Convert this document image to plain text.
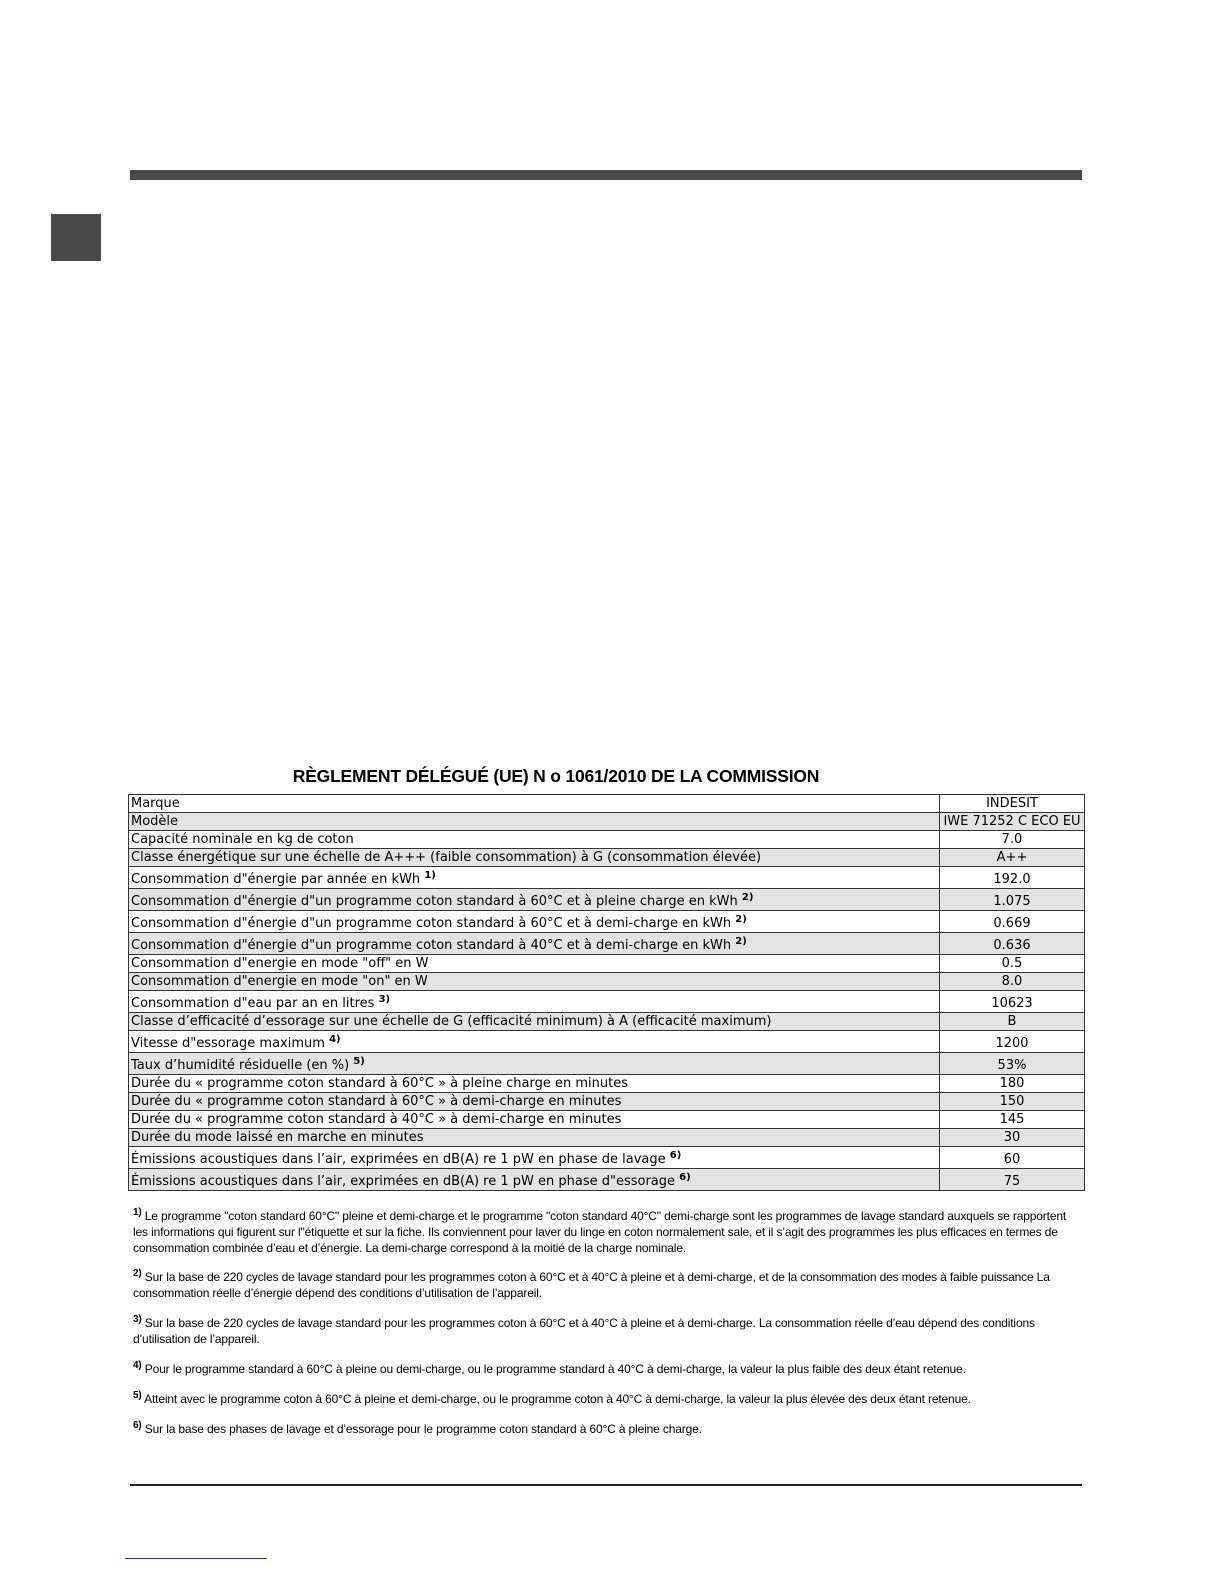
RÈGLEMENT DÉLÉGUÉ (UE) N o 1061/2010 DE LA COMMISSION
Marque	INDESIT
Modèle	IWE 71252 C ECO EU
Capacité nominale en kg de coton	7.0
Classe énergétique sur une échelle de A+++ (faible consommation) à G (consommation élevée)	A++
Consommation d"énergie par année en kWh $^{1)}$	192.0
Consommation d"énergie d"un programme coton standard à 60°C et à pleine charge en kWh $^{2)}$	1.075
Consommation d"énergie d"un programme coton standard à 60°C et à demi-charge en kWh $^{2)}$	0.669
Consommation d"énergie d"un programme coton standard à 40°C et à demi-charge en kWh $^{2)}$	0.636
Consommation d"energie en mode "off" en W	0.5
Consommation d"energie en mode "on" en W	8.0
Consommation d"eau par an en litres $^{3)}$	10623
Classe d’efficacité d’essorage sur une échelle de G (efficacité minimum) à A (efficacité maximum)	B
Vitesse d"essorage maximum $^{4)}$	1200
Taux d’humidité résiduelle (en %) $^{5)}$	53%
Durée du « programme coton standard à 60°C » à pleine charge en minutes	180
Durée du « programme coton standard à 60°C » à demi-charge en minutes	150
Durée du « programme coton standard à 40°C » à demi-charge en minutes	145
Durée du mode laissé en marche en minutes	30
Émissions acoustiques dans l’air, exprimées en dB(A) re 1 pW en phase de lavage $^{6)}$	60
Émissions acoustiques dans l’air, exprimées en dB(A) re 1 pW en phase d"essorage $^{6)}$	75

$^{1)}$ Le programme "coton standard 60°C" pleine et demi-charge et le programme "coton standard 40°C" demi-charge sont les programmes de lavage standard auxquels se rapportent les informations qui figurent sur l"étiquette et sur la fiche. Ils conviennent pour laver du linge en coton normalement sale, et il s’agit des programmes les plus efficaces en termes de consommation combinée d’eau et d’énergie. La demi-charge correspond à la moitié de la charge nominale.

$^{2)}$ Sur la base de 220 cycles de lavage standard pour les programmes coton à 60°C et à 40°C à pleine et à demi-charge, et de la consommation des modes à faible puissance La consommation réelle d’énergie dépend des conditions d’utilisation de l’appareil.

$^{3)}$ Sur la base de 220 cycles de lavage standard pour les programmes coton à 60°C et à 40°C à pleine et à demi-charge. La consommation réelle d’eau dépend des conditions d’utilisation de l’appareil.

$^{4)}$ Pour le programme standard à 60°C à pleine ou demi-charge, ou le programme standard à 40°C à demi-charge, la valeur la plus faible des deux étant retenue.

$^{5)}$ Atteint avec le programme coton à 60°C à pleine et demi-charge, ou le programme coton à 40°C à demi-charge, la valeur la plus élevée des deux étant retenue.

$^{6)}$ Sur la base des phases de lavage et d’essorage pour le programme coton standard à 60°C à pleine charge.
